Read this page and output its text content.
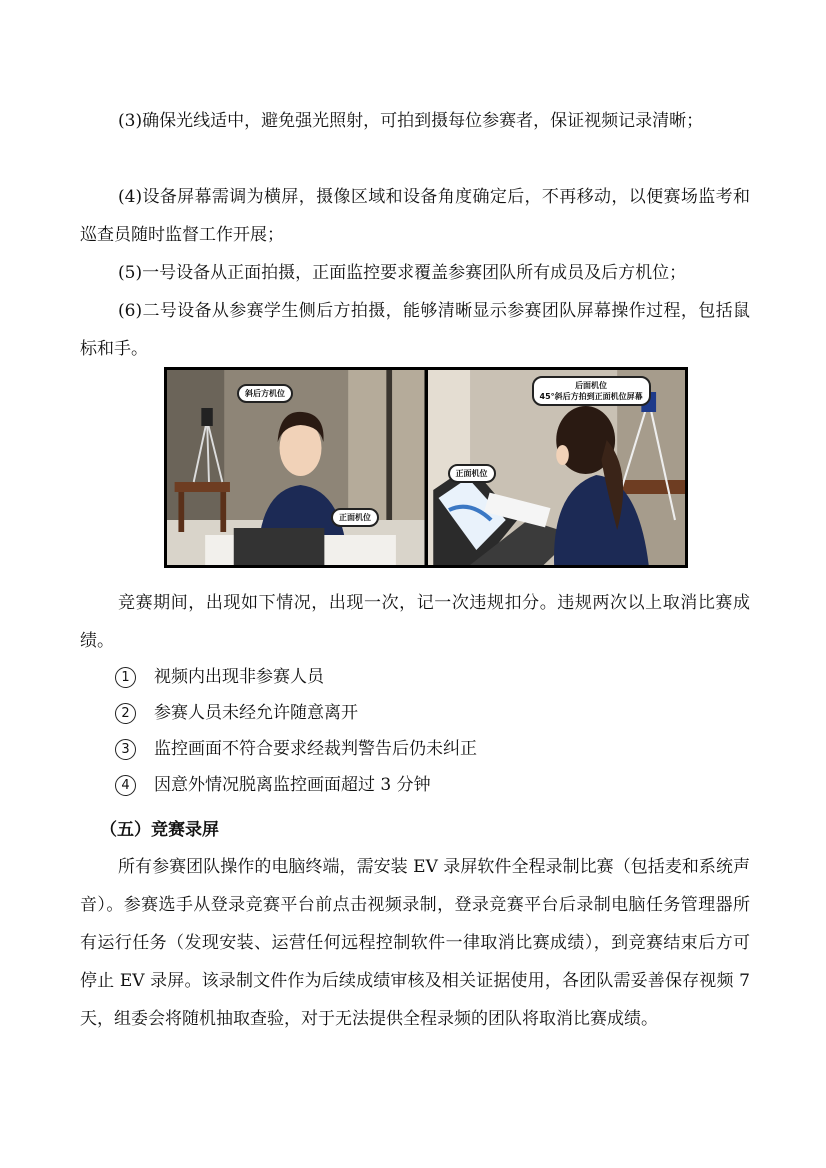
(3)确保光线适中，避免强光照射，可拍到摄每位参赛者，保证视频记录清晰；
(4)设备屏幕需调为横屏，摄像区域和设备角度确定后，不再移动，以便赛场监考和巡查员随时监督工作开展；
(5)一号设备从正面拍摄，正面监控要求覆盖参赛团队所有成员及后方机位；
(6)二号设备从参赛学生侧后方拍摄，能够清晰显示参赛团队屏幕操作过程，包括鼠标和手。
斜后方机位
正面机位
后面机位
45°斜后方拍到正面机位屏幕
正面机位
竞赛期间，出现如下情况，出现一次，记一次违规扣分。违规两次以上取消比赛成绩。
1 视频内出现非参赛人员
2 参赛人员未经允许随意离开
3 监控画面不符合要求经裁判警告后仍未纠正
4 因意外情况脱离监控画面超过 3 分钟
（五）竞赛录屏
所有参赛团队操作的电脑终端，需安装 EV 录屏软件全程录制比赛（包括麦和系统声音）。参赛选手从登录竞赛平台前点击视频录制，登录竞赛平台后录制电脑任务管理器所有运行任务（发现安装、运营任何远程控制软件一律取消比赛成绩），到竞赛结束后方可停止 EV 录屏。该录制文件作为后续成绩审核及相关证据使用，各团队需妥善保存视频 7 天，组委会将随机抽取查验，对于无法提供全程录频的团队将取消比赛成绩。
